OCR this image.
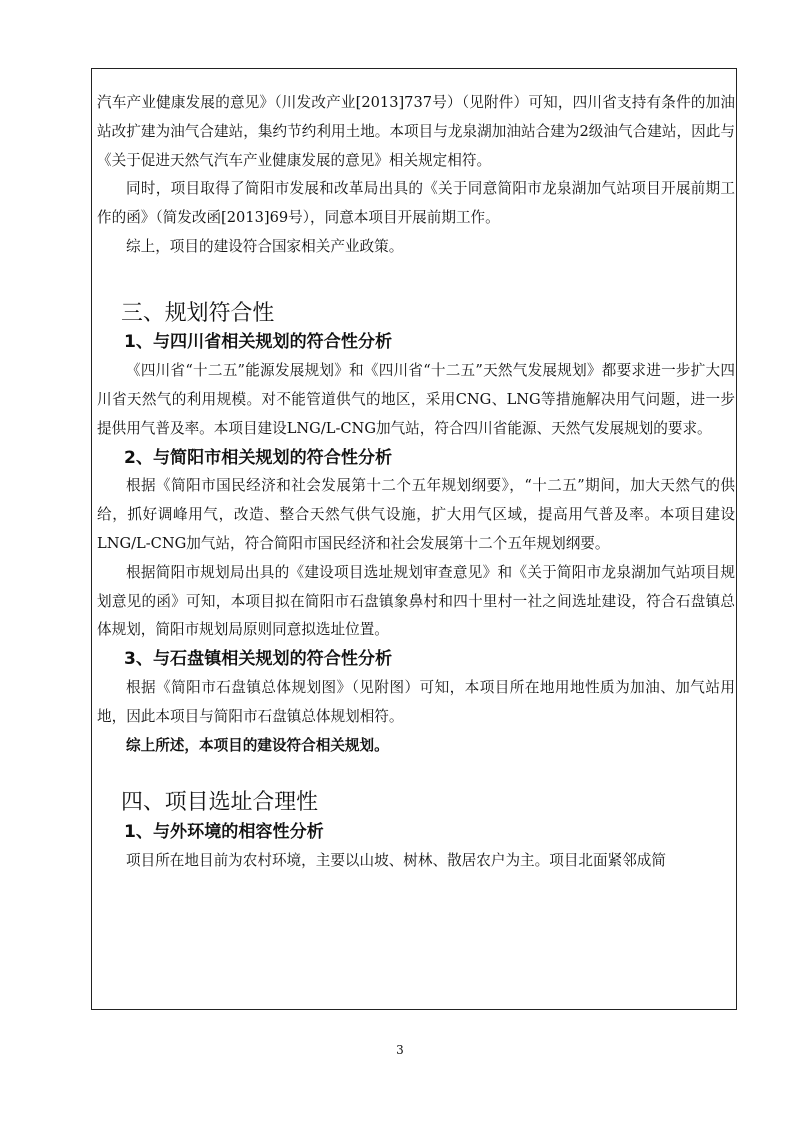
汽车产业健康发展的意见》（川发改产业[2013]737号）（见附件）可知，四川省支持有条件的加油站改扩建为油气合建站，集约节约利用土地。本项目与龙泉湖加油站合建为2级油气合建站，因此与《关于促进天然气汽车产业健康发展的意见》相关规定相符。

同时，项目取得了简阳市发展和改革局出具的《关于同意简阳市龙泉湖加气站项目开展前期工作的函》（简发改函[2013]69号），同意本项目开展前期工作。

综上，项目的建设符合国家相关产业政策。

三、规划符合性
1、与四川省相关规划的符合性分析

《四川省“十二五”能源发展规划》和《四川省“十二五”天然气发展规划》都要求进一步扩大四川省天然气的利用规模。对不能管道供气的地区，采用CNG、LNG等措施解决用气问题，进一步提供用气普及率。本项目建设LNG/L-CNG加气站，符合四川省能源、天然气发展规划的要求。

2、与简阳市相关规划的符合性分析

根据《简阳市国民经济和社会发展第十二个五年规划纲要》，“十二五”期间，加大天然气的供给，抓好调峰用气，改造、整合天然气供气设施，扩大用气区域，提高用气普及率。本项目建设LNG/L-CNG加气站，符合简阳市国民经济和社会发展第十二个五年规划纲要。

根据简阳市规划局出具的《建设项目选址规划审查意见》和《关于简阳市龙泉湖加气站项目规划意见的函》可知，本项目拟在简阳市石盘镇象鼻村和四十里村一社之间选址建设，符合石盘镇总体规划，简阳市规划局原则同意拟选址位置。

3、与石盘镇相关规划的符合性分析

根据《简阳市石盘镇总体规划图》（见附图）可知，本项目所在地用地性质为加油、加气站用地，因此本项目与简阳市石盘镇总体规划相符。

综上所述，本项目的建设符合相关规划。

四、项目选址合理性
1、与外环境的相容性分析

项目所在地目前为农村环境，主要以山坡、树林、散居农户为主。项目北面紧邻成简

3
